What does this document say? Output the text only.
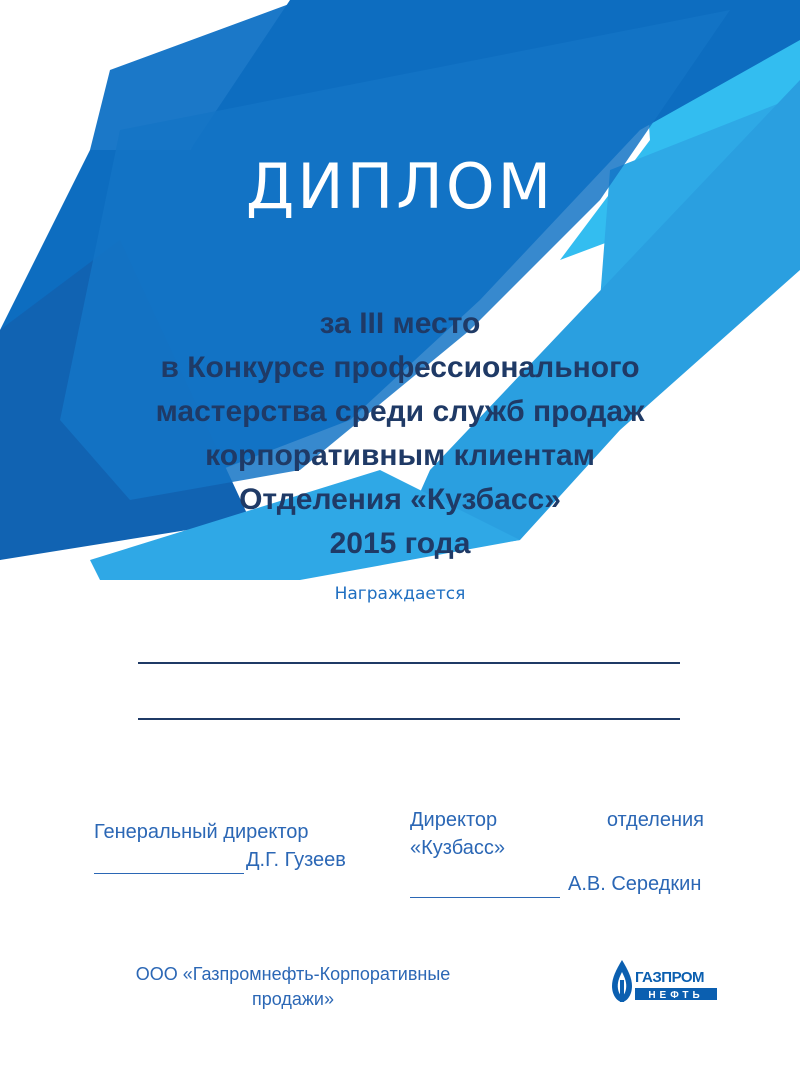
ДИПЛОМ
за III место
в Конкурсе профессионального
мастерства среди служб продаж
корпоративным клиентам
Отделения «Кузбасс»
2015 года
Награждается
Генеральный директор
Д.Г. Гузеев
Директор	отделения
«Кузбасс»
А.В. Середкин
ООО «Газпромнефть-Корпоративные
продажи»
ГАЗПРОМ
НЕФТЬ
